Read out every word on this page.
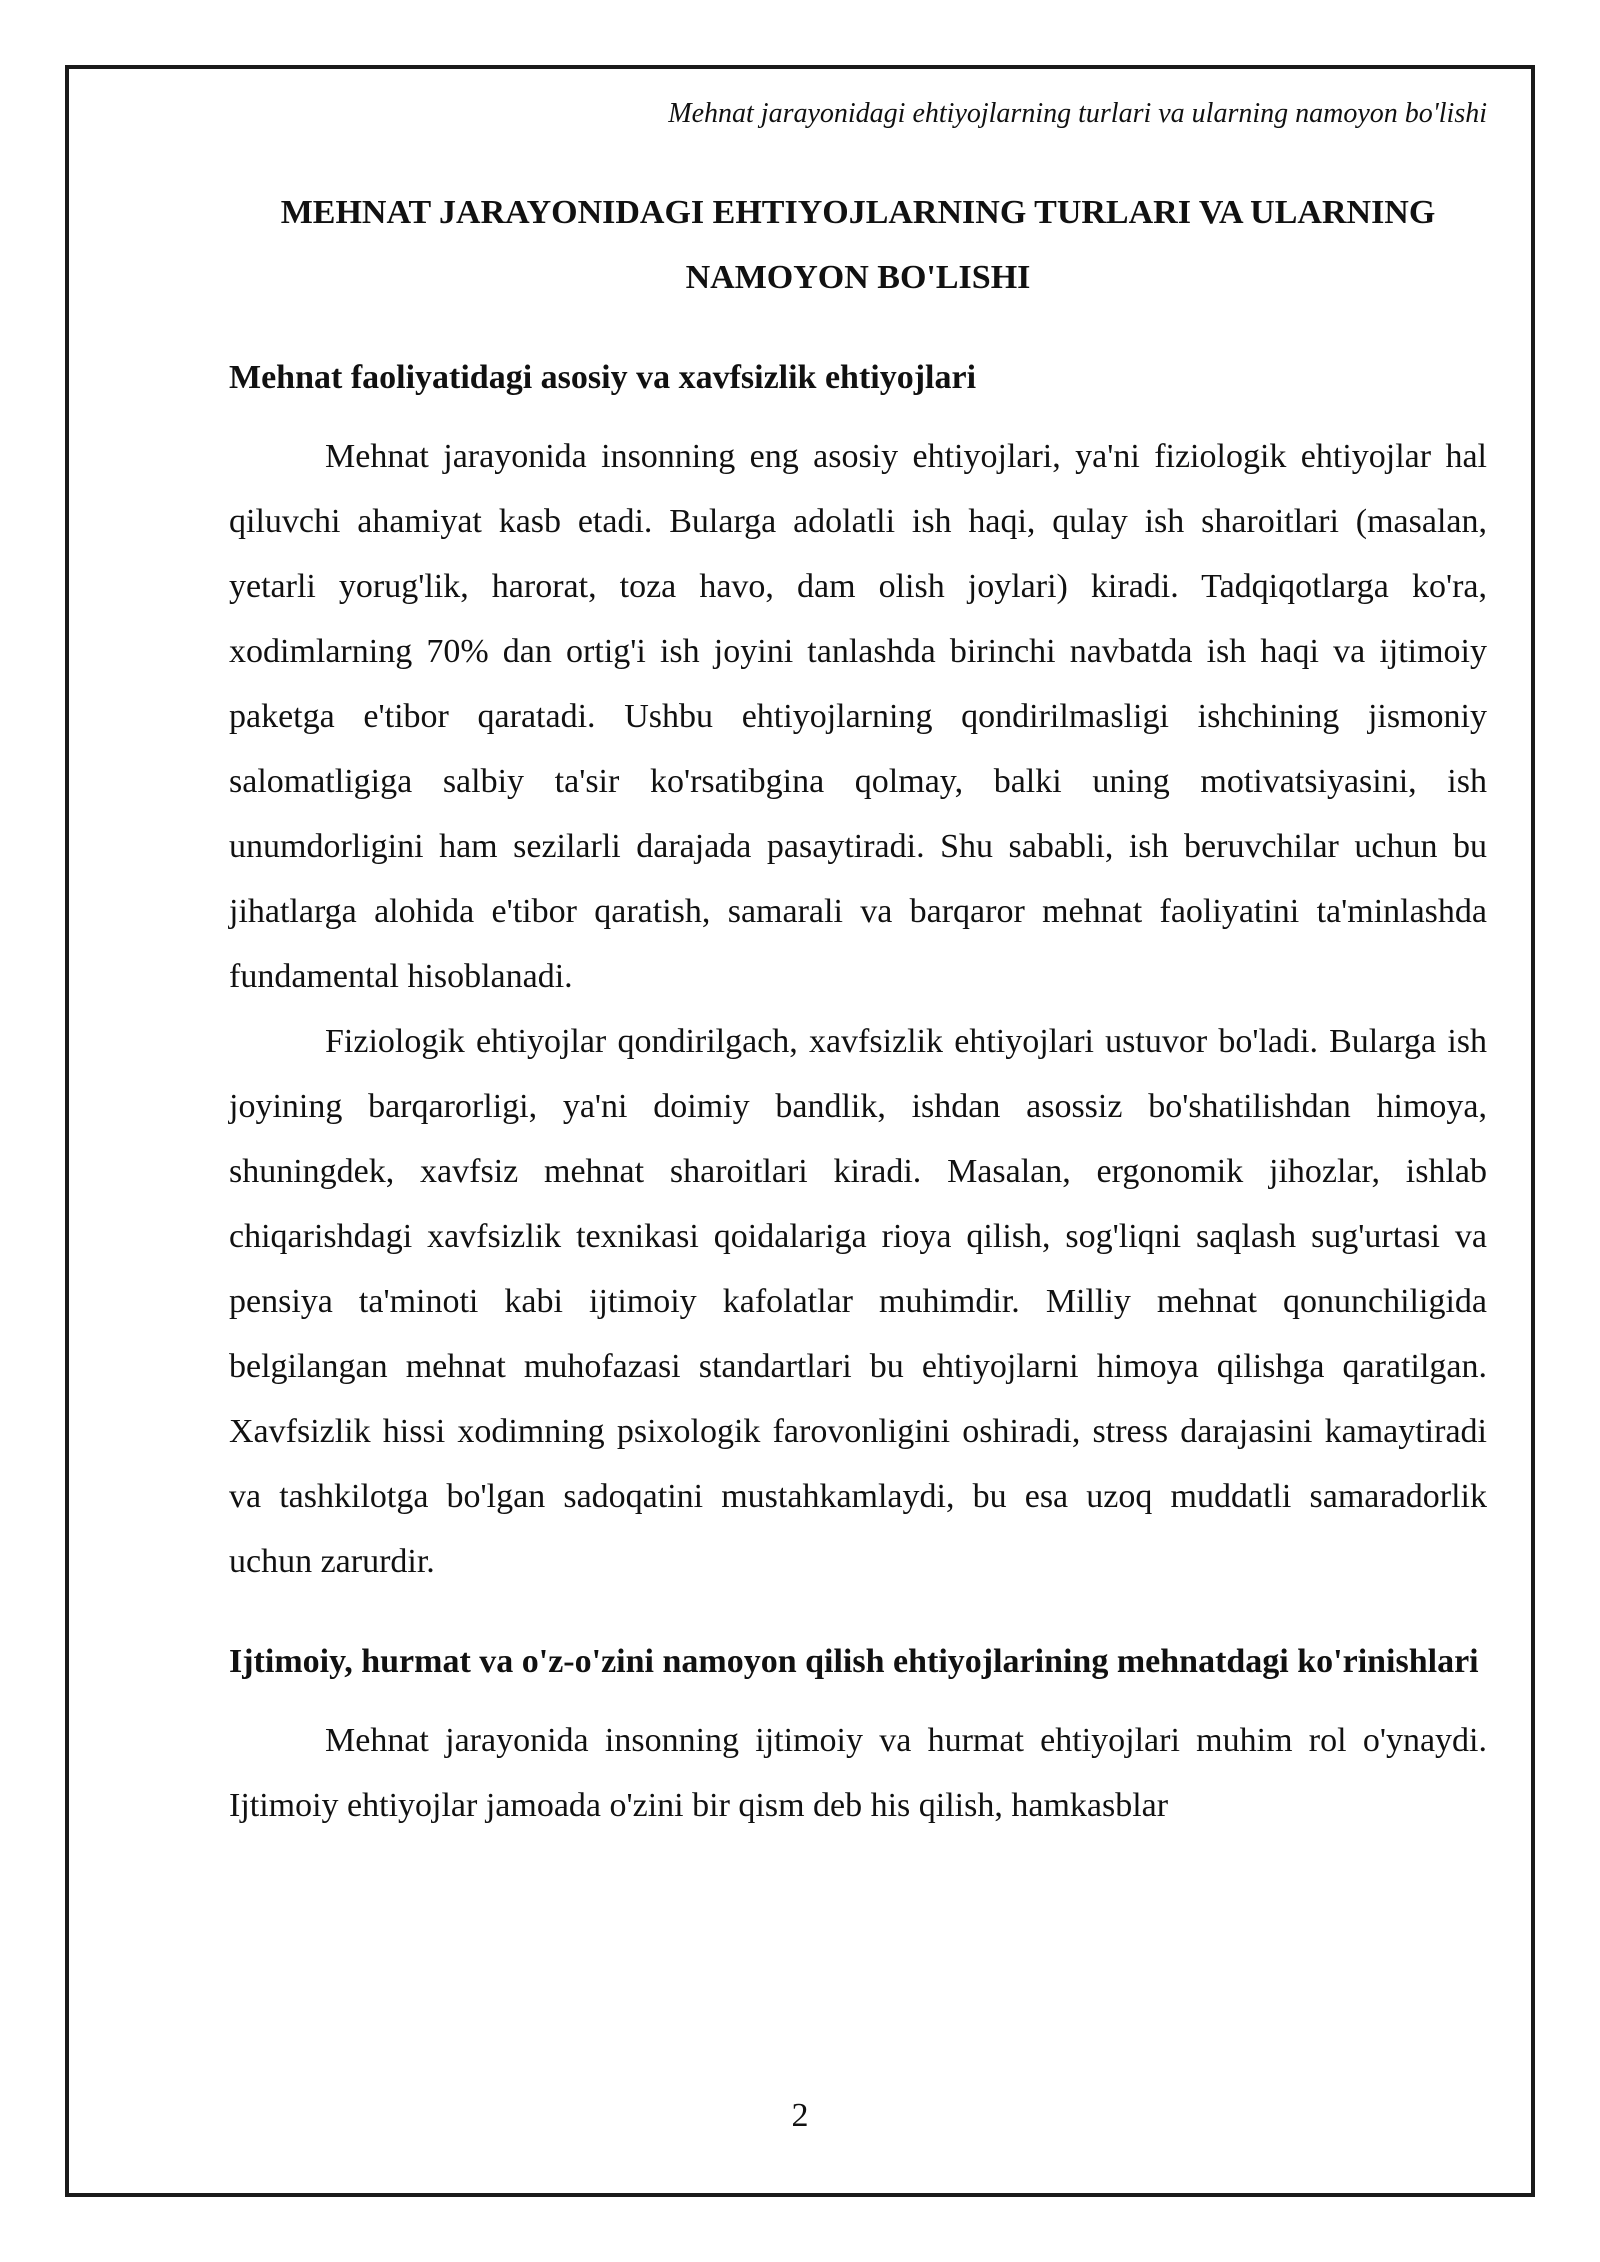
Mehnat jarayonidagi ehtiyojlarning turlari va ularning namoyon bo'lishi
MEHNAT JARAYONIDAGI EHTIYOJLARNING TURLARI VA ULARNING NAMOYON BO'LISHI
Mehnat faoliyatidagi asosiy va xavfsizlik ehtiyojlari

Mehnat jarayonida insonning eng asosiy ehtiyojlari, ya'ni fiziologik ehtiyojlar hal qiluvchi ahamiyat kasb etadi. Bularga adolatli ish haqi, qulay ish sharoitlari (masalan, yetarli yorug'lik, harorat, toza havo, dam olish joylari) kiradi. Tadqiqotlarga ko'ra, xodimlarning 70% dan ortig'i ish joyini tanlashda birinchi navbatda ish haqi va ijtimoiy paketga e'tibor qaratadi. Ushbu ehtiyojlarning qondirilmasligi ishchining jismoniy salomatligiga salbiy ta'sir ko'rsatibgina qolmay, balki uning motivatsiyasini, ish unumdorligini ham sezilarli darajada pasaytiradi. Shu sababli, ish beruvchilar uchun bu jihatlarga alohida e'tibor qaratish, samarali va barqaror mehnat faoliyatini ta'minlashda fundamental hisoblanadi.

Fiziologik ehtiyojlar qondirilgach, xavfsizlik ehtiyojlari ustuvor bo'ladi. Bularga ish joyining barqarorligi, ya'ni doimiy bandlik, ishdan asossiz bo'shatilishdan himoya, shuningdek, xavfsiz mehnat sharoitlari kiradi. Masalan, ergonomik jihozlar, ishlab chiqarishdagi xavfsizlik texnikasi qoidalariga rioya qilish, sog'liqni saqlash sug'urtasi va pensiya ta'minoti kabi ijtimoiy kafolatlar muhimdir. Milliy mehnat qonunchiligida belgilangan mehnat muhofazasi standartlari bu ehtiyojlarni himoya qilishga qaratilgan. Xavfsizlik hissi xodimning psixologik farovonligini oshiradi, stress darajasini kamaytiradi va tashkilotga bo'lgan sadoqatini mustahkamlaydi, bu esa uzoq muddatli samaradorlik uchun zarurdir.

Ijtimoiy, hurmat va o'z-o'zini namoyon qilish ehtiyojlarining mehnatdagi ko'rinishlari

Mehnat jarayonida insonning ijtimoiy va hurmat ehtiyojlari muhim rol o'ynaydi. Ijtimoiy ehtiyojlar jamoada o'zini bir qism deb his qilish, hamkasblar

2
